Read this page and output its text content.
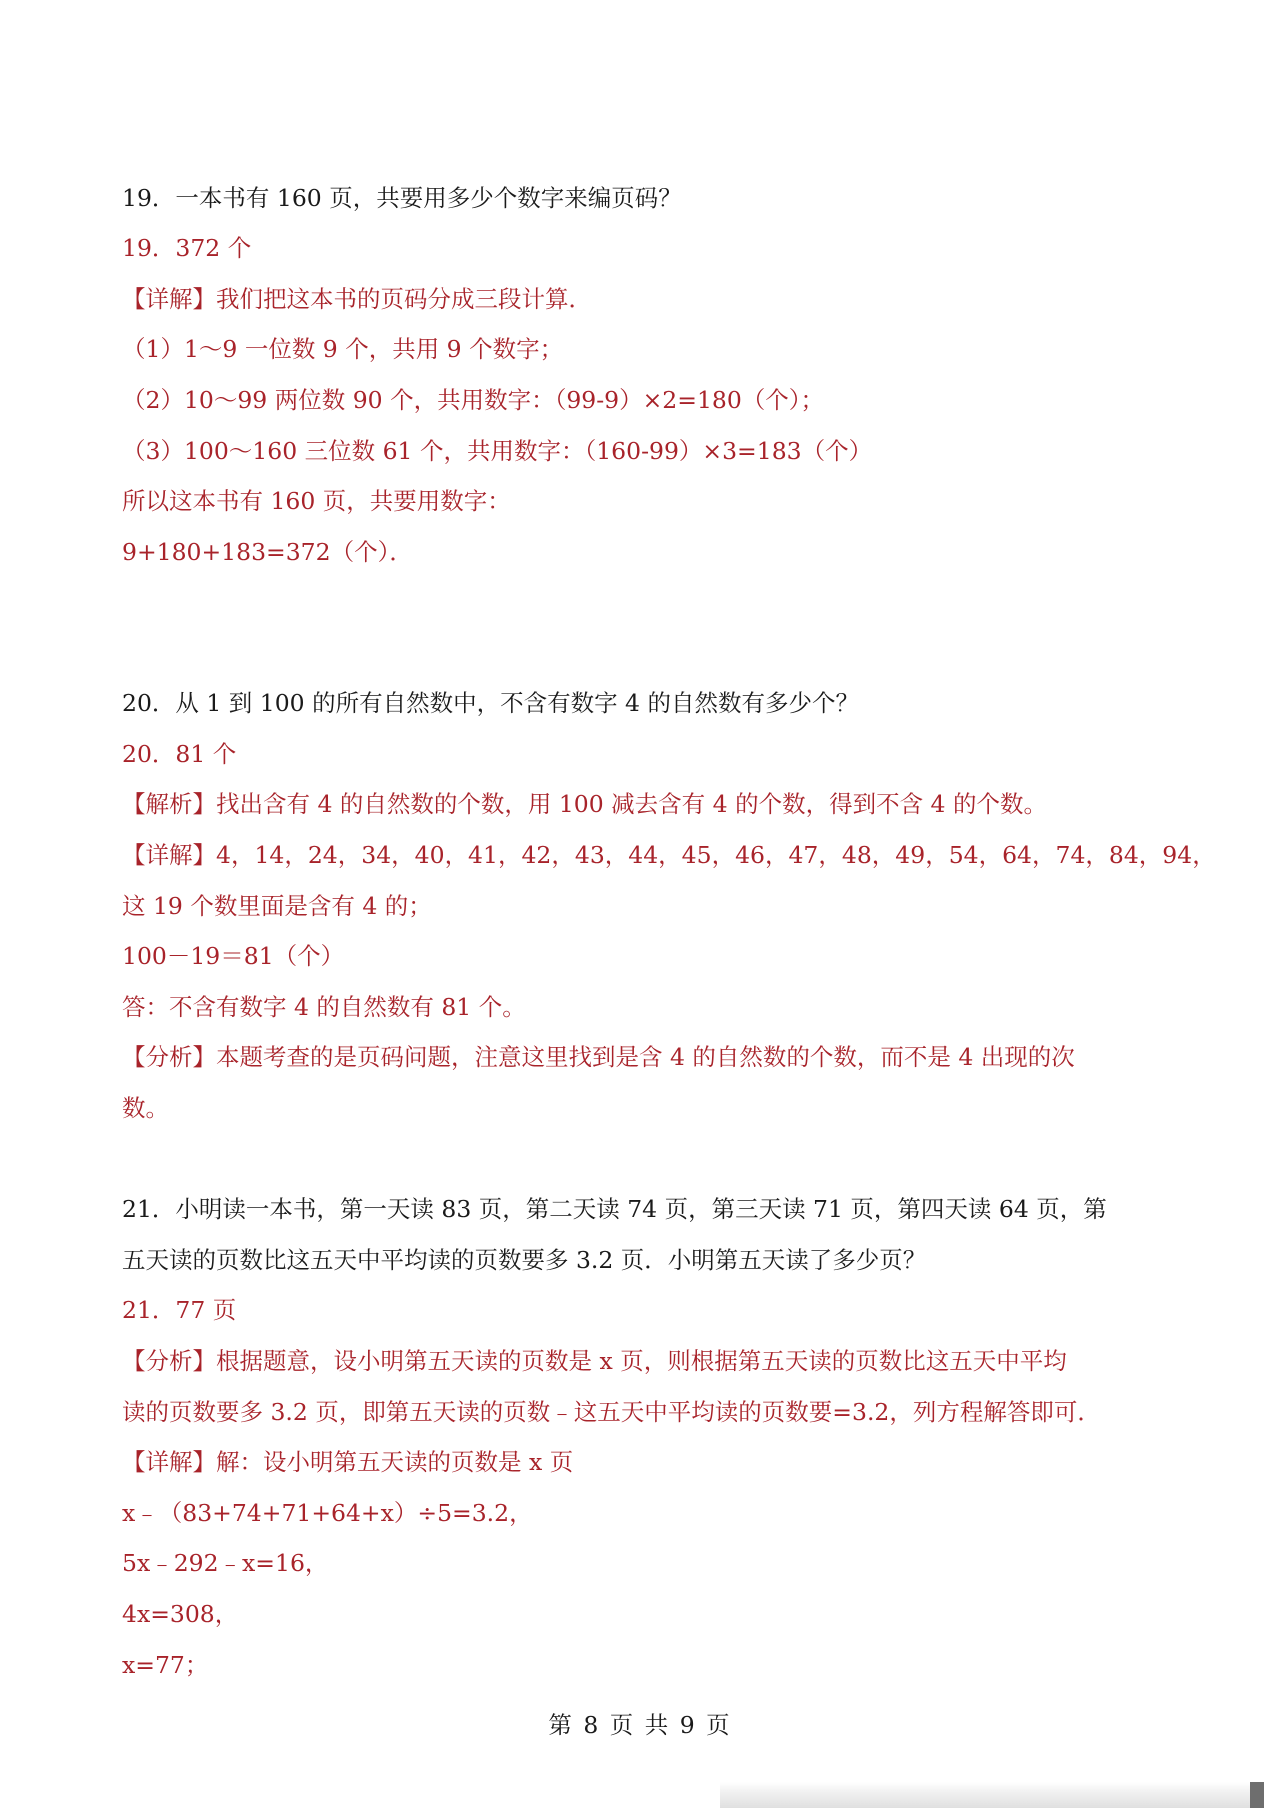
19．一本书有 160 页，共要用多少个数字来编页码？

19．372 个

【详解】我们把这本书的页码分成三段计算．

（1）1～9 一位数 9 个，共用 9 个数字；

（2）10～99 两位数 90 个，共用数字：（99-9）×2=180（个）；

（3）100～160 三位数 61 个，共用数字：（160-99）×3=183（个）

所以这本书有 160 页，共要用数字：

9+180+183=372（个）．

20．从 1 到 100 的所有自然数中，不含有数字 4 的自然数有多少个？

20．81 个

【解析】找出含有 4 的自然数的个数，用 100 减去含有 4 的个数，得到不含 4 的个数。

【详解】4，14，24，34，40，41，42，43，44，45，46，47，48，49，54，64，74，84，94，

这 19 个数里面是含有 4 的；

100－19＝81（个）

答：不含有数字 4 的自然数有 81 个。

【分析】本题考查的是页码问题，注意这里找到是含 4 的自然数的个数，而不是 4 出现的次

数。

21．小明读一本书，第一天读 83 页，第二天读 74 页，第三天读 71 页，第四天读 64 页，第

五天读的页数比这五天中平均读的页数要多 3.2 页．小明第五天读了多少页？

21．77 页

【分析】根据题意，设小明第五天读的页数是 x 页，则根据第五天读的页数比这五天中平均

读的页数要多 3.2 页，即第五天读的页数﹣这五天中平均读的页数要=3.2，列方程解答即可．

【详解】解：设小明第五天读的页数是 x 页

x﹣（83+74+71+64+x）÷5=3.2，

5x﹣292﹣x=16，

4x=308，

x=77；

第 8 页 共 9 页
